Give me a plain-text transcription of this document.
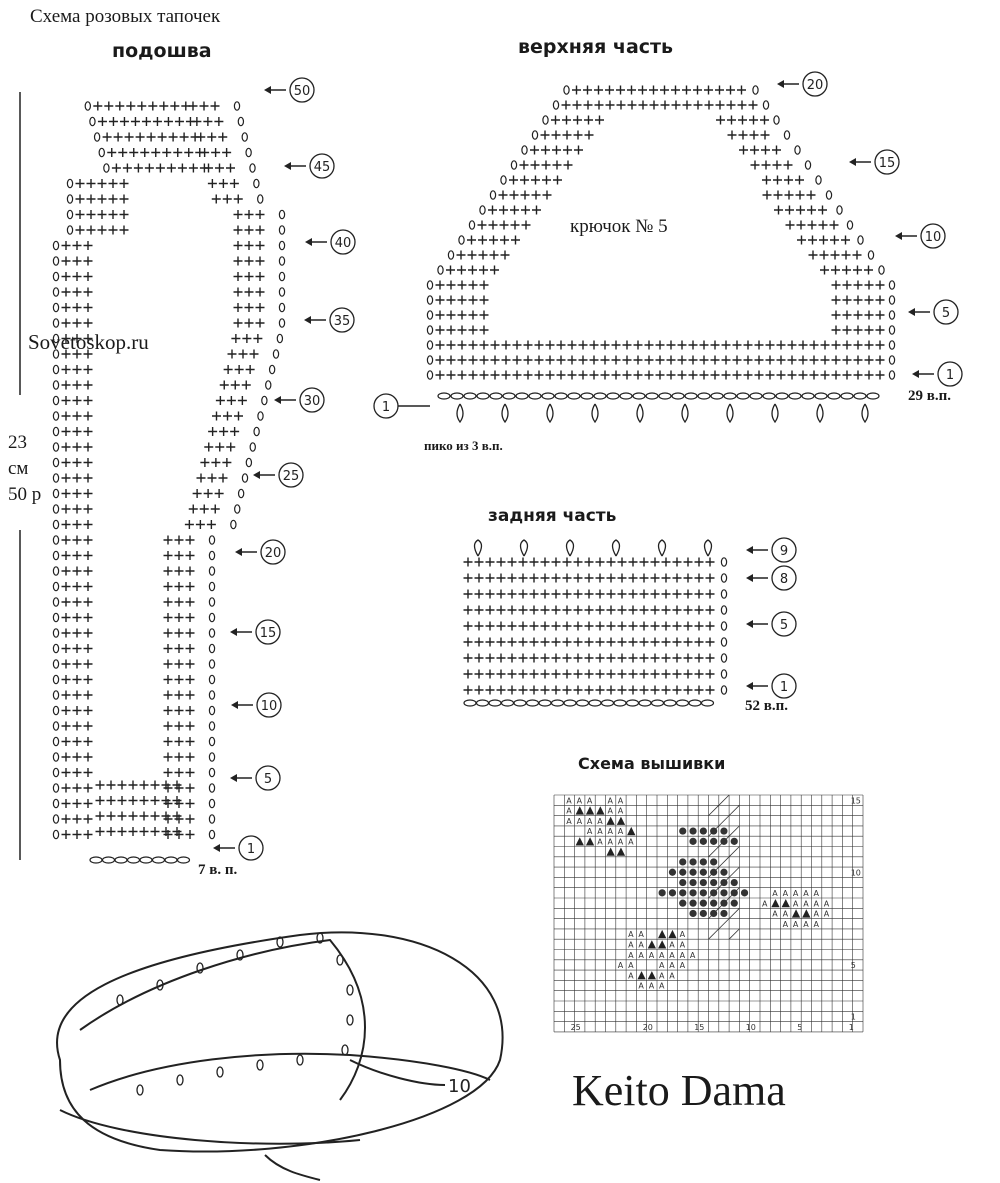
Схема розовых тапочек
подошва	верхняя часть
крючок № 5
Sovetoskop.ru
23
см
50 р
7 в. п.
29 в.п.
пико из 3 в.п.
задняя часть
52 в.п.
Схема вышивки
Keito Dama
A A A A A
A	A A
A A A A
A A A A
A A A A
A A A A A
A	A A A A
A A	A A
A A A A
A A	A
A A	A A
A A A A A A A
A A	A A A
A	A A
A A A
25	20	15	10	5	1
15
10
5
1
50
45
40
35
30
25
20
15
10
5
1
20
15
10
5
1
1
9
8
5
1
10
